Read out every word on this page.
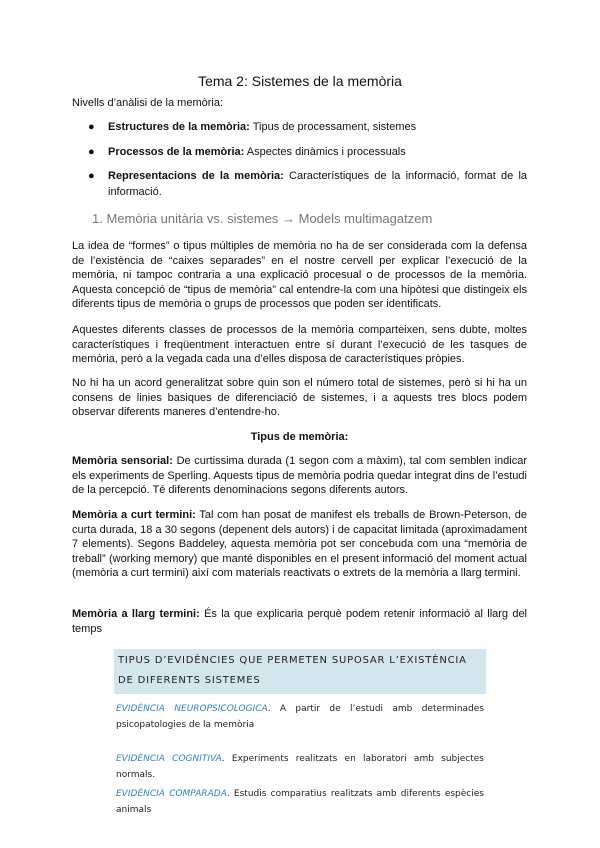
Tema 2: Sistemes de la memòria
Nivells d’anàlisi de la memòria:
● Estructures de la memòria: Tipus de processament, sistemes
● Processos de la memòria: Aspectes dinàmics i processuals
● Representacions de la memòria: Característiques de la informació, format de la informació.
1. Memòria unitària vs. sistemes → Models multimagatzem
La idea de “formes” o tipus múltiples de memòria no ha de ser considerada com la defensa de l’existència de “caixes separades” en el nostre cervell per explicar l’execució de la memòria, ni tampoc contraria a una explicació procesual o de processos de la memòria. Aquesta concepció de “tipus de memòria” cal entendre-la com una hipòtesi que distingeix els diferents tipus de memòria o grups de processos que poden ser identificats.
Aquestes diferents classes de processos de la memòria comparteixen, sens dubte, moltes característiques i freqüentment interactuen entre sí durant l’execució de les tasques de memòria, però a la vegada cada una d’elles disposa de característiques pròpies.
No hi ha un acord generalitzat sobre quin son el número total de sistemes, però si hi ha un consens de linies basiques de diferenciació de sistemes, i a aquests tres blocs podem observar diferents maneres d’entendre-ho.
Tipus de memòria:
Memòria sensorial: De curtissima durada (1 segon com a màxim), tal com semblen indicar els experiments de Sperling. Aquests tipus de memòria podria quedar integrat dins de l’estudi de la percepció. Té diferents denominacions segons diferents autors.
Memòria a curt termini: Tal com han posat de manifest els treballs de Brown-Peterson, de curta durada, 18 a 30 segons (depenent dels autors) i de capacitat limitada (aproximadament 7 elements). Segons Baddeley, aquesta memòria pot ser concebuda com una “memòria de treball” (working memory) que manté disponibles en el present informació del moment actual (memòria a curt termini) així com materials reactivats o extrets de la memòria a llarg termini.
Memòria a llarg termini: És la que explicaria perquè podem retenir informació al llarg del temps
TIPUS D’EVIDÈNCIES QUE PERMETEN SUPOSAR L’EXISTÈNCIA DE DIFERENTS SISTEMES
EVIDÈNCIA NEUROPSICOLOGICA. A partir de l’estudi amb determinades psicopatologies de la memòria
EVIDÈNCIA COGNITIVA. Experiments realitzats en laboratori amb subjectes normals.
EVIDÈNCIA COMPARADA. Estudis comparatius realitzats amb diferents espècies animals
